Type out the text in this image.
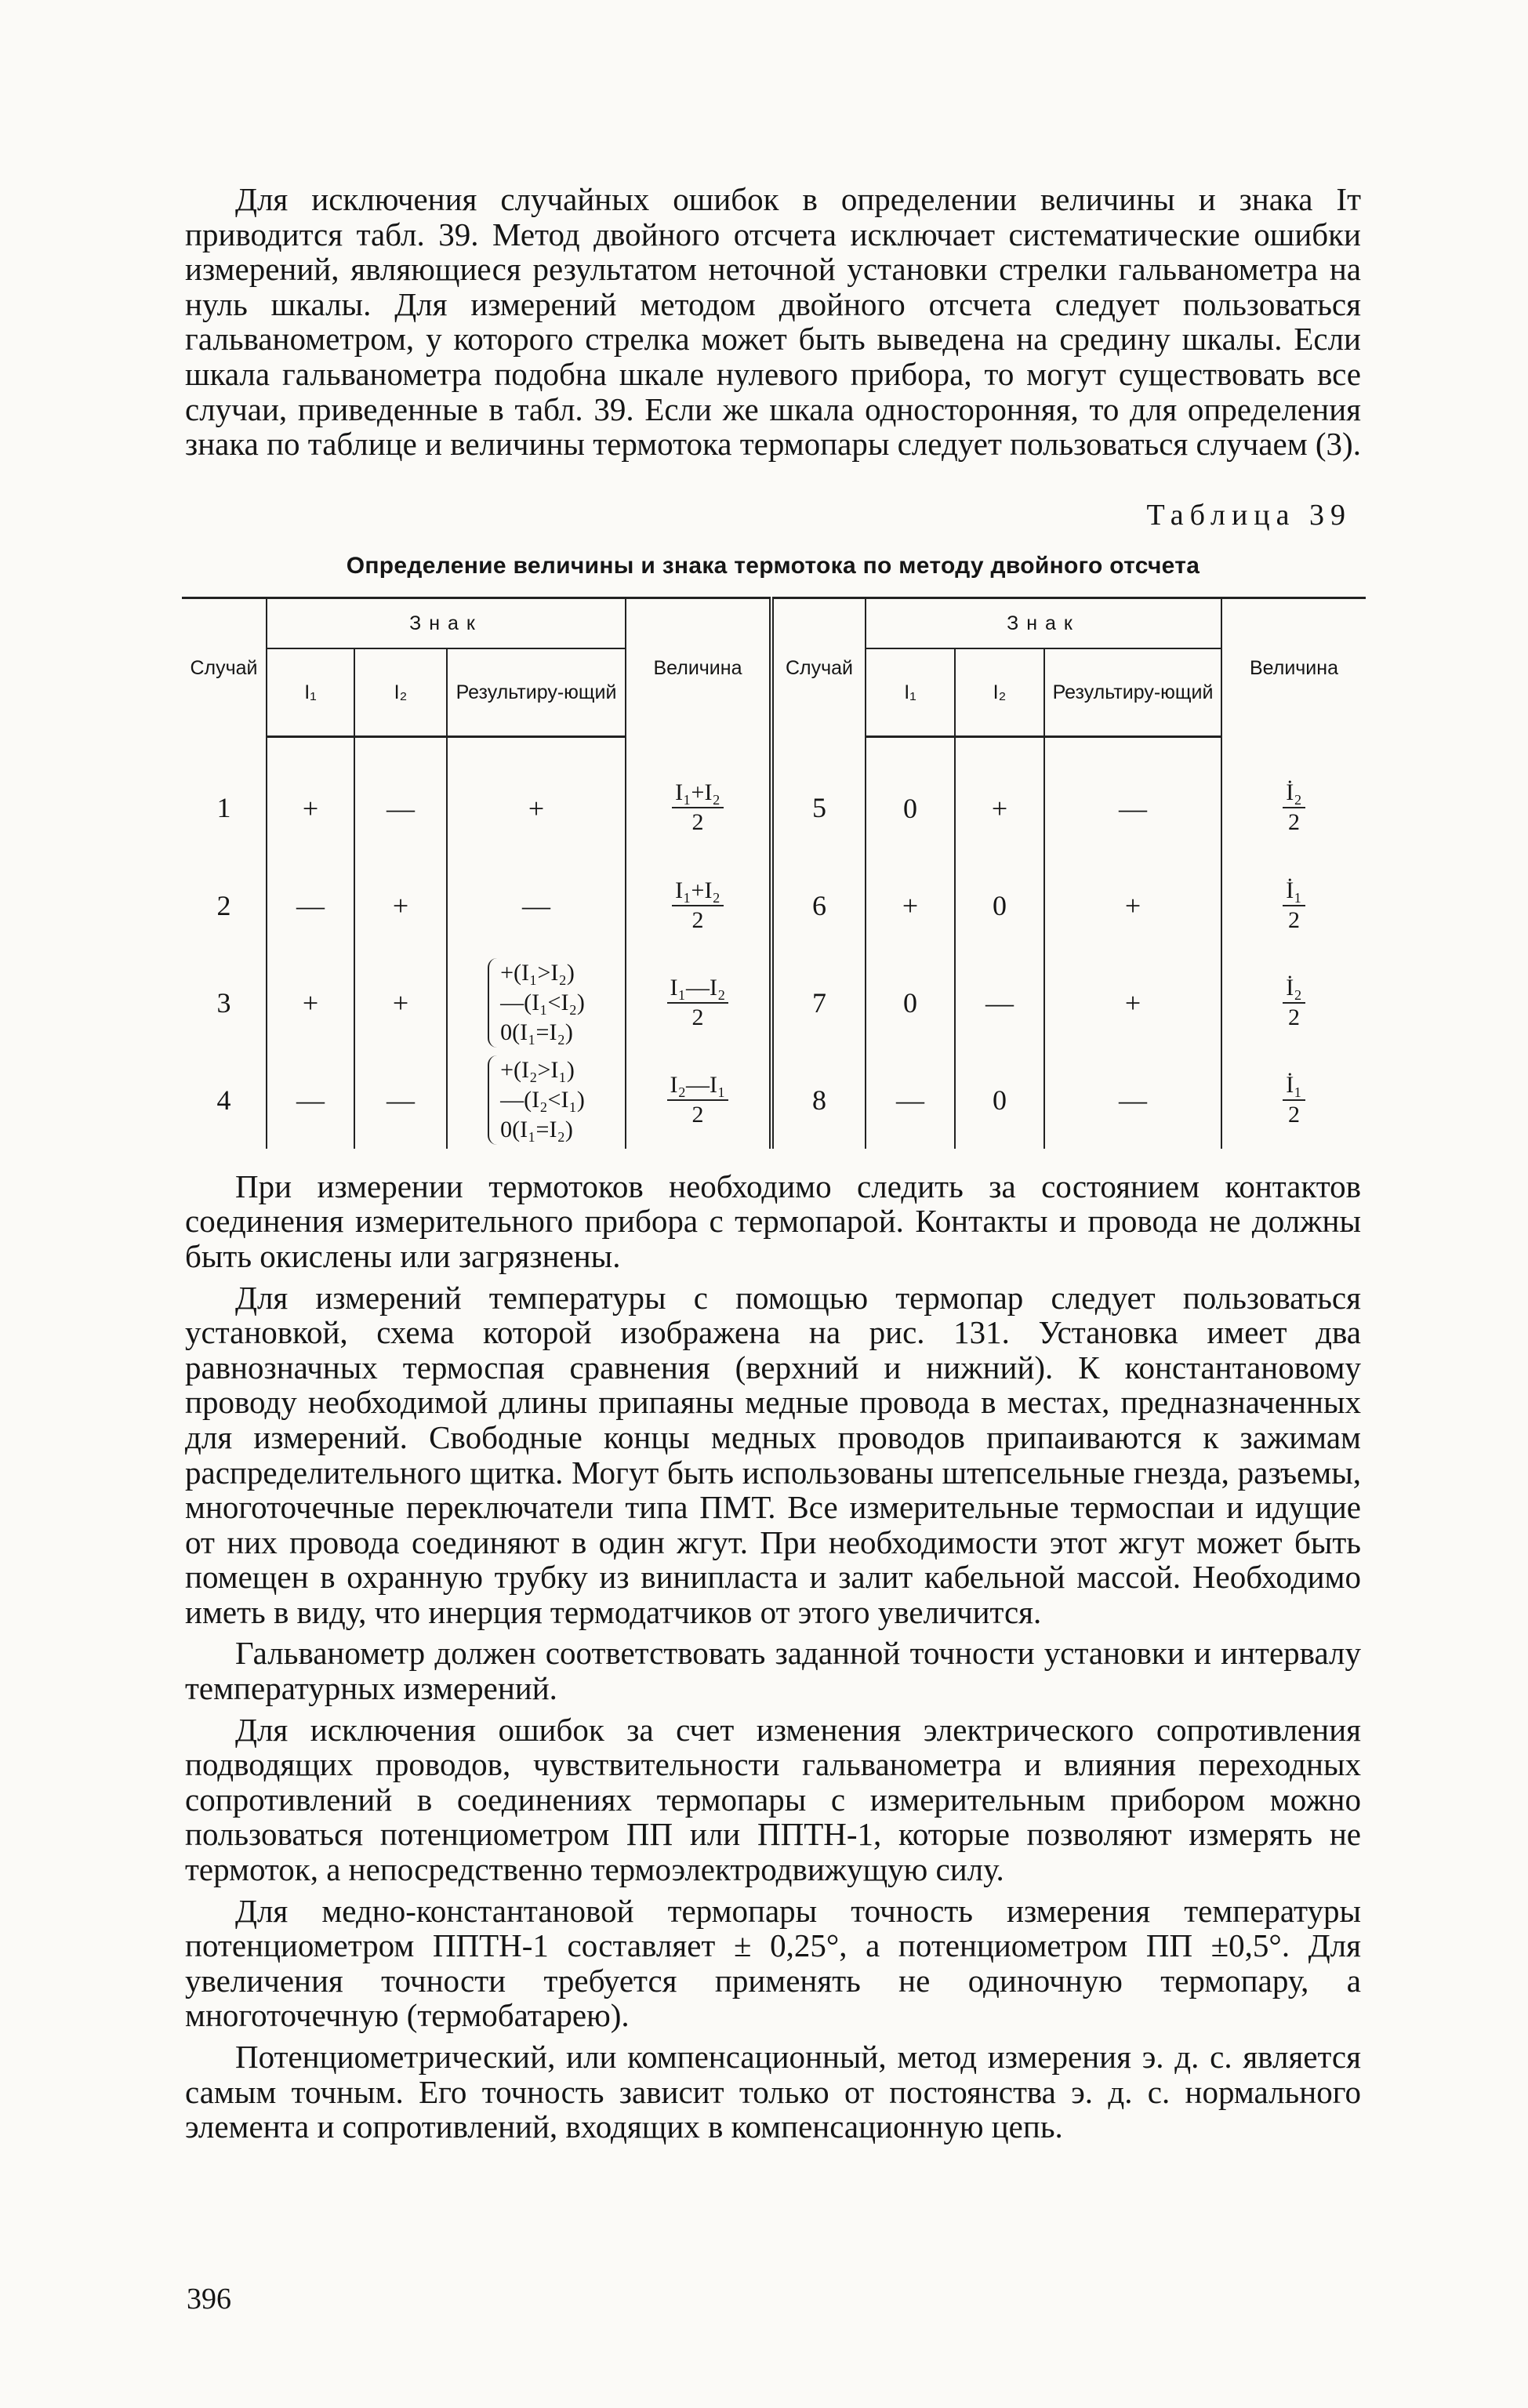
Для исключения случайных ошибок в определении величины и знака Iт приводится табл. 39. Метод двойного отсчета исключает систематические ошибки измерений, являющиеся результатом неточной установки стрелки гальванометра на нуль шкалы. Для измерений методом двойного отсчета следует пользоваться гальванометром, у которого стрелка может быть выведена на средину шкалы. Если шкала гальванометра подобна шкале нулевого прибора, то могут существовать все случаи, приведенные в табл. 39. Если же шкала односторонняя, то для определения знака по таблице и величины термотока термопары следует пользоваться случаем (3).

Таблица 39
Определение величины и знака термотока по методу двойного отсчета
Случай	Знак			Величина	Случай	Знак			Величина
	I₁	I₂	Результиру-ющий			I₁	I₂	Результиру-ющий	
1	+	—	+	$\frac{\text{I₁+I₂}}{2}$	5	0	+	—	$\frac{\text{İ₂}}{2}$

2	—	+	—	$\frac{\text{I₁+I₂}}{2}$	6	+	0	+	$\frac{\text{İ₁}}{2}$

3	+	+	+(I₁>I₂)
—(I₁<I₂)
0(I₁=I₂)	$\frac{\text{I₁—I₂}}{2}$	7	0	—	+	$\frac{\text{İ₂}}{2}$

4	—	—	+(I₂>I₁)
—(I₂<I₁)
0(I₁=I₂)	$\frac{\text{I₂—I₁}}{2}$	8	—	0	—	$\frac{\text{İ₁}}{2}$

При измерении термотоков необходимо следить за состоянием контактов соединения измерительного прибора с термопарой. Контакты и провода не должны быть окислены или загрязнены.

Для измерений температуры с помощью термопар следует пользоваться установкой, схема которой изображена на рис. 131. Установка имеет два равнозначных термоспая сравнения (верхний и нижний). К константановому проводу необходимой длины припаяны медные провода в местах, предназначенных для измерений. Свободные концы медных проводов припаиваются к зажимам распределительного щитка. Могут быть использованы штепсельные гнезда, разъемы, многоточечные переключатели типа ПМТ. Все измерительные термоспаи и идущие от них провода соединяют в один жгут. При необходимости этот жгут может быть помещен в охранную трубку из винипласта и залит кабельной массой. Необходимо иметь в виду, что инерция термодатчиков от этого увеличится.

Гальванометр должен соответствовать заданной точности установки и интервалу температурных измерений.

Для исключения ошибок за счет изменения электрического сопротивления подводящих проводов, чувствительности гальванометра и влияния переходных сопротивлений в соединениях термопары с измерительным прибором можно пользоваться потенциометром ПП или ППТН-1, которые позволяют измерять не термоток, а непосредственно термоэлектродвижущую силу.

Для медно-константановой термопары точность измерения температуры потенциометром ППТН-1 составляет ± 0,25°, а потенциометром ПП ±0,5°. Для увеличения точности требуется применять не одиночную термопару, а многоточечную (термобатарею).

Потенциометрический, или компенсационный, метод измерения э. д. с. является самым точным. Его точность зависит только от постоянства э. д. с. нормального элемента и сопротивлений, входящих в компенсационную цепь.

396
